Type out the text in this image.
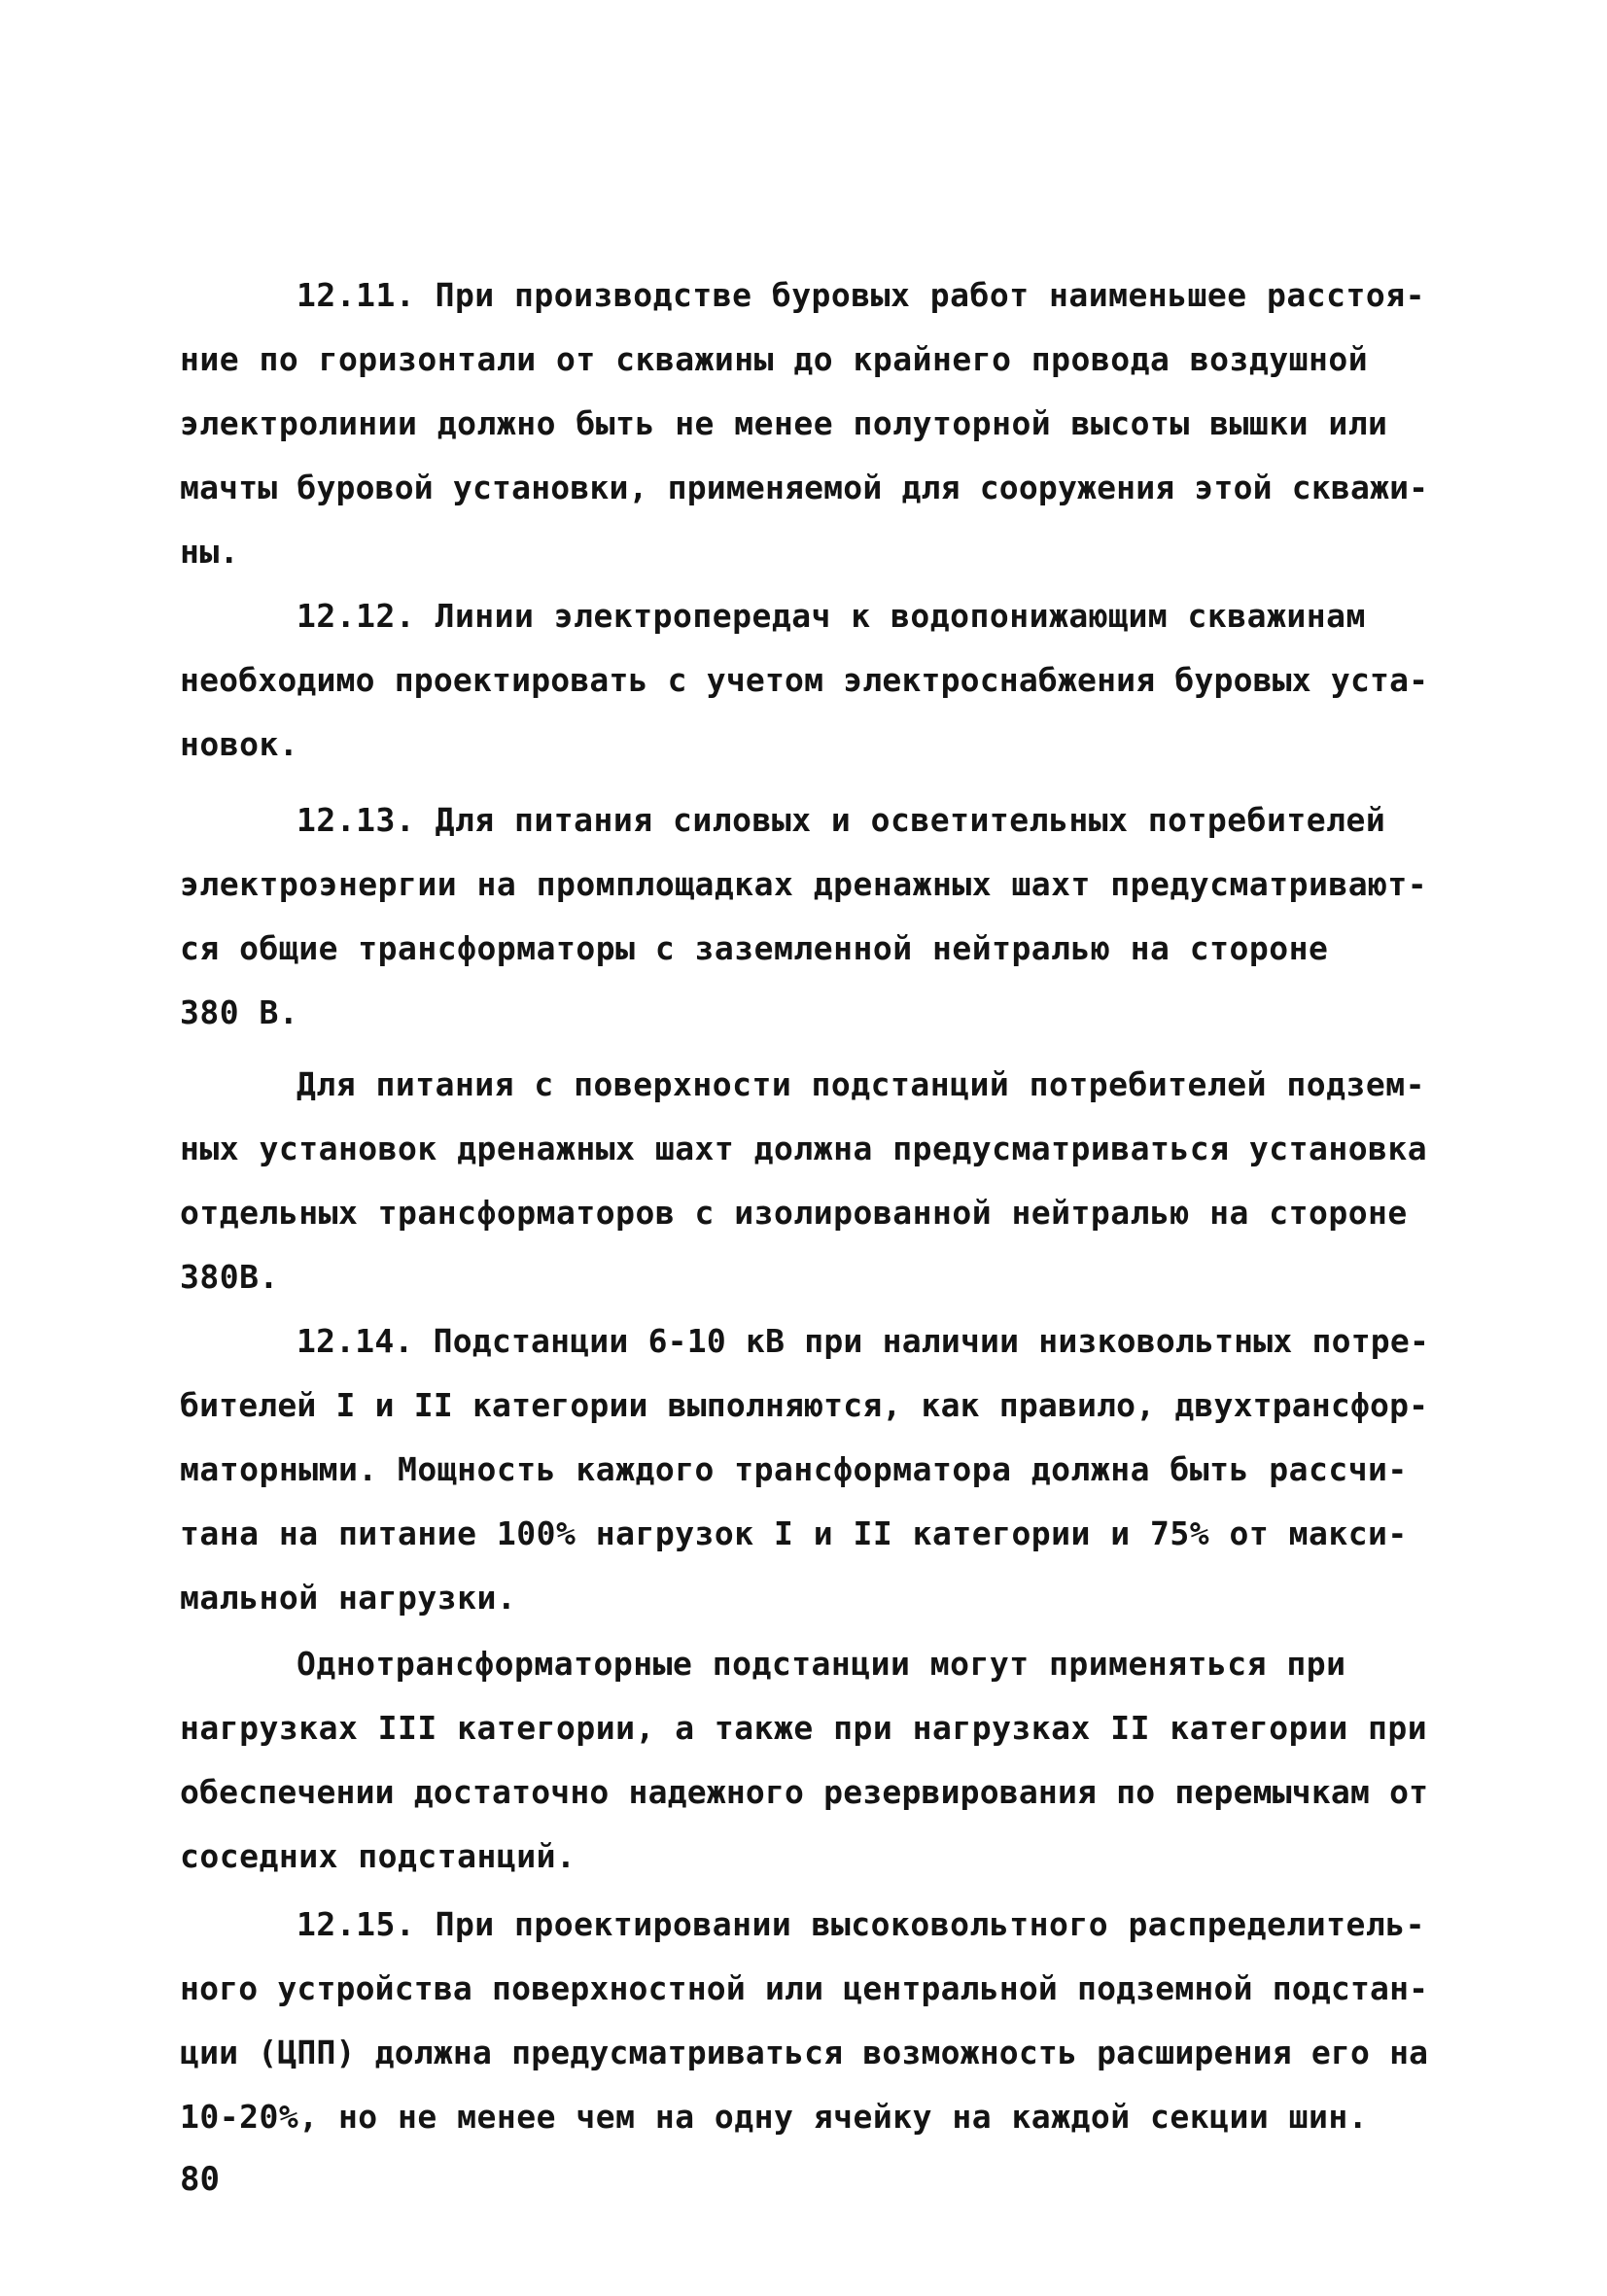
12.11. При производстве буровых работ наименьшее расстоя-
ние по горизонтали от скважины до крайнего провода воздушной
электролинии должно быть не менее полуторной высоты вышки или
мачты буровой установки, применяемой для сооружения этой скважи-
ны.
12.12. Линии электропередач к водопонижающим скважинам
необходимо проектировать с учетом электроснабжения буровых уста-
новок.
12.13. Для питания силовых и осветительных потребителей
электроэнергии на промплощадках дренажных шахт предусматривают-
ся общие трансформаторы с заземленной нейтралью на стороне
380 В.
Для питания с поверхности подстанций потребителей подзем-
ных установок дренажных шахт должна предусматриваться установка
отдельных трансформаторов с изолированной нейтралью на стороне
380В.
12.14. Подстанции 6-10 кВ при наличии низковольтных потре-
бителей I и II категории выполняются, как правило, двухтрансфор-
маторными. Мощность каждого трансформатора должна быть рассчи-
тана на питание 100% нагрузок I и II категории и 75% от макси-
мальной нагрузки.
Однотрансформаторные подстанции могут применяться при
нагрузках III категории, а также при нагрузках II категории при
обеспечении достаточно надежного резервирования по перемычкам от
соседних подстанций.
12.15. При проектировании высоковольтного распределитель-
ного устройства поверхностной или центральной подземной подстан-
ции (ЦПП) должна предусматриваться возможность расширения его на
10-20%, но не менее чем на одну ячейку на каждой секции шин.
80
